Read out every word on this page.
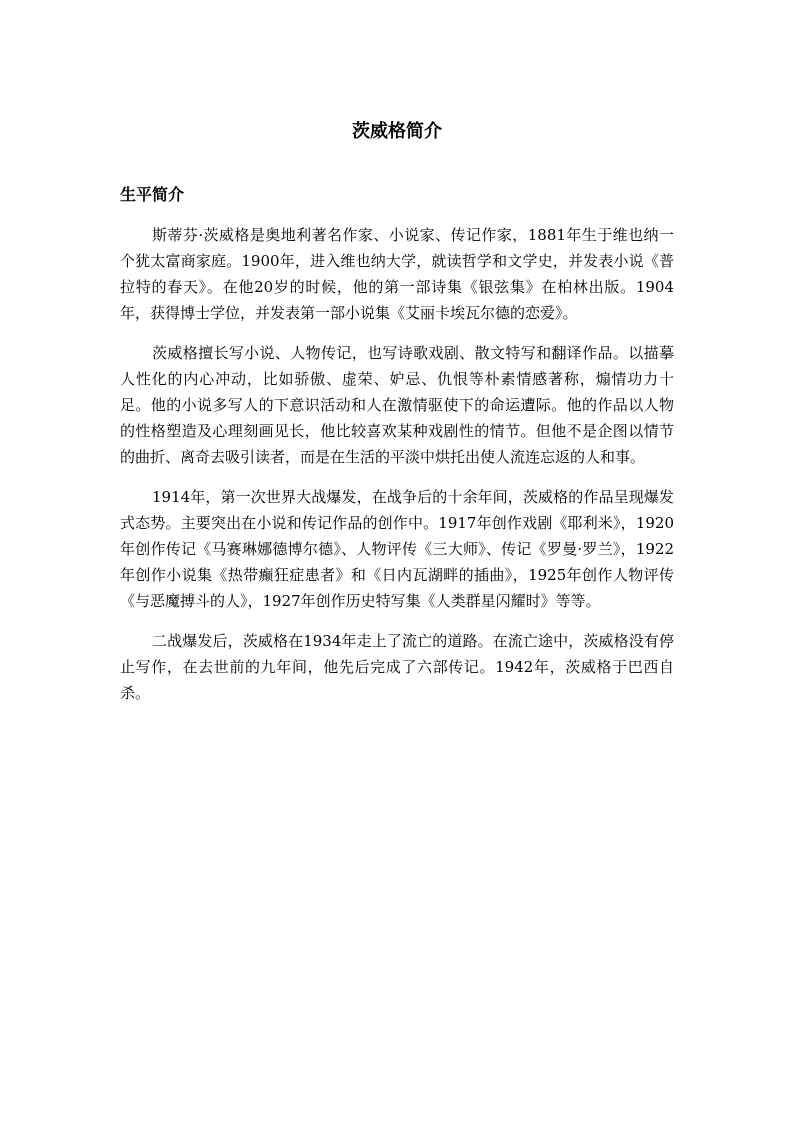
茨威格简介
生平简介

斯蒂芬·茨威格是奥地利著名作家、小说家、传记作家，1881年生于维也纳一个犹太富商家庭。1900年，进入维也纳大学，就读哲学和文学史，并发表小说《普拉特的春天》。在他20岁的时候，他的第一部诗集《银弦集》在柏林出版。1904年，获得博士学位，并发表第一部小说集《艾丽卡埃瓦尔德的恋爱》。

茨威格擅长写小说、人物传记，也写诗歌戏剧、散文特写和翻译作品。以描摹人性化的内心冲动，比如骄傲、虚荣、妒忌、仇恨等朴素情感著称，煽情功力十足。他的小说多写人的下意识活动和人在激情驱使下的命运遭际。他的作品以人物的性格塑造及心理刻画见长，他比较喜欢某种戏剧性的情节。但他不是企图以情节的曲折、离奇去吸引读者，而是在生活的平淡中烘托出使人流连忘返的人和事。

1914年，第一次世界大战爆发，在战争后的十余年间，茨威格的作品呈现爆发式态势。主要突出在小说和传记作品的创作中。1917年创作戏剧《耶利米》，1920年创作传记《马赛琳娜德博尔德》、人物评传《三大师》、传记《罗曼·罗兰》，1922年创作小说集《热带癫狂症患者》和《日内瓦湖畔的插曲》，1925年创作人物评传《与恶魔搏斗的人》，1927年创作历史特写集《人类群星闪耀时》等等。

二战爆发后，茨威格在1934年走上了流亡的道路。在流亡途中，茨威格没有停止写作，在去世前的九年间，他先后完成了六部传记。1942年，茨威格于巴西自杀。
